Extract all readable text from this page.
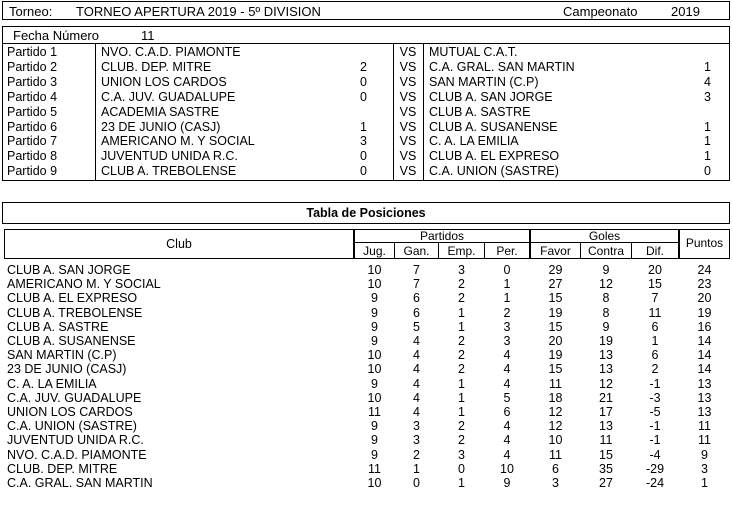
Torneo: TORNEO APERTURA 2019 - 5º DIVISION	Campeonato	2019
Fecha Número	11
Partido 1	NVO. C.A.D. PIAMONTE	VS	MUTUAL C.A.T.
Partido 2	CLUB. DEP. MITRE	2	VS	C.A. GRAL. SAN MARTIN	1
Partido 3	UNION LOS CARDOS	0	VS	SAN MARTIN (C.P)	4
Partido 4	C.A. JUV. GUADALUPE	0	VS	CLUB A. SAN JORGE	3
Partido 5	ACADEMIA SASTRE	VS	CLUB A. SASTRE
Partido 6	23 DE JUNIO (CASJ)	1	VS	CLUB A. SUSANENSE	1
Partido 7	AMERICANO M. Y SOCIAL	3	VS	C. A. LA EMILIA	1
Partido 8	JUVENTUD UNIDA R.C.	0	VS	CLUB A. EL EXPRESO	1
Partido 9	CLUB A. TREBOLENSE	0	VS	C.A. UNION (SASTRE)	0
Tabla de Posiciones
Club
Partidos
Jug.	Gan.	Emp.	Per.
Goles
Favor	Contra	Dif.
Puntos
CLUB A. SAN JORGE	10	7	3	0	29	9	20	24
AMERICANO M. Y SOCIAL	10	7	2	1	27	12	15	23
CLUB A. EL EXPRESO	9	6	2	1	15	8	7	20
CLUB A. TREBOLENSE	9	6	1	2	19	8	11	19
CLUB A. SASTRE	9	5	1	3	15	9	6	16
CLUB A. SUSANENSE	9	4	2	3	20	19	1	14
SAN MARTIN (C.P)	10	4	2	4	19	13	6	14
23 DE JUNIO (CASJ)	10	4	2	4	15	13	2	14
C. A. LA EMILIA	9	4	1	4	11	12	-1	13
C.A. JUV. GUADALUPE	10	4	1	5	18	21	-3	13
UNION LOS CARDOS	11	4	1	6	12	17	-5	13
C.A. UNION (SASTRE)	9	3	2	4	12	13	-1	11
JUVENTUD UNIDA R.C.	9	3	2	4	10	11	-1	11
NVO. C.A.D. PIAMONTE	9	2	3	4	11	15	-4	9
CLUB. DEP. MITRE	11	1	0	10	6	35	-29	3
C.A. GRAL. SAN MARTIN	10	0	1	9	3	27	-24	1
